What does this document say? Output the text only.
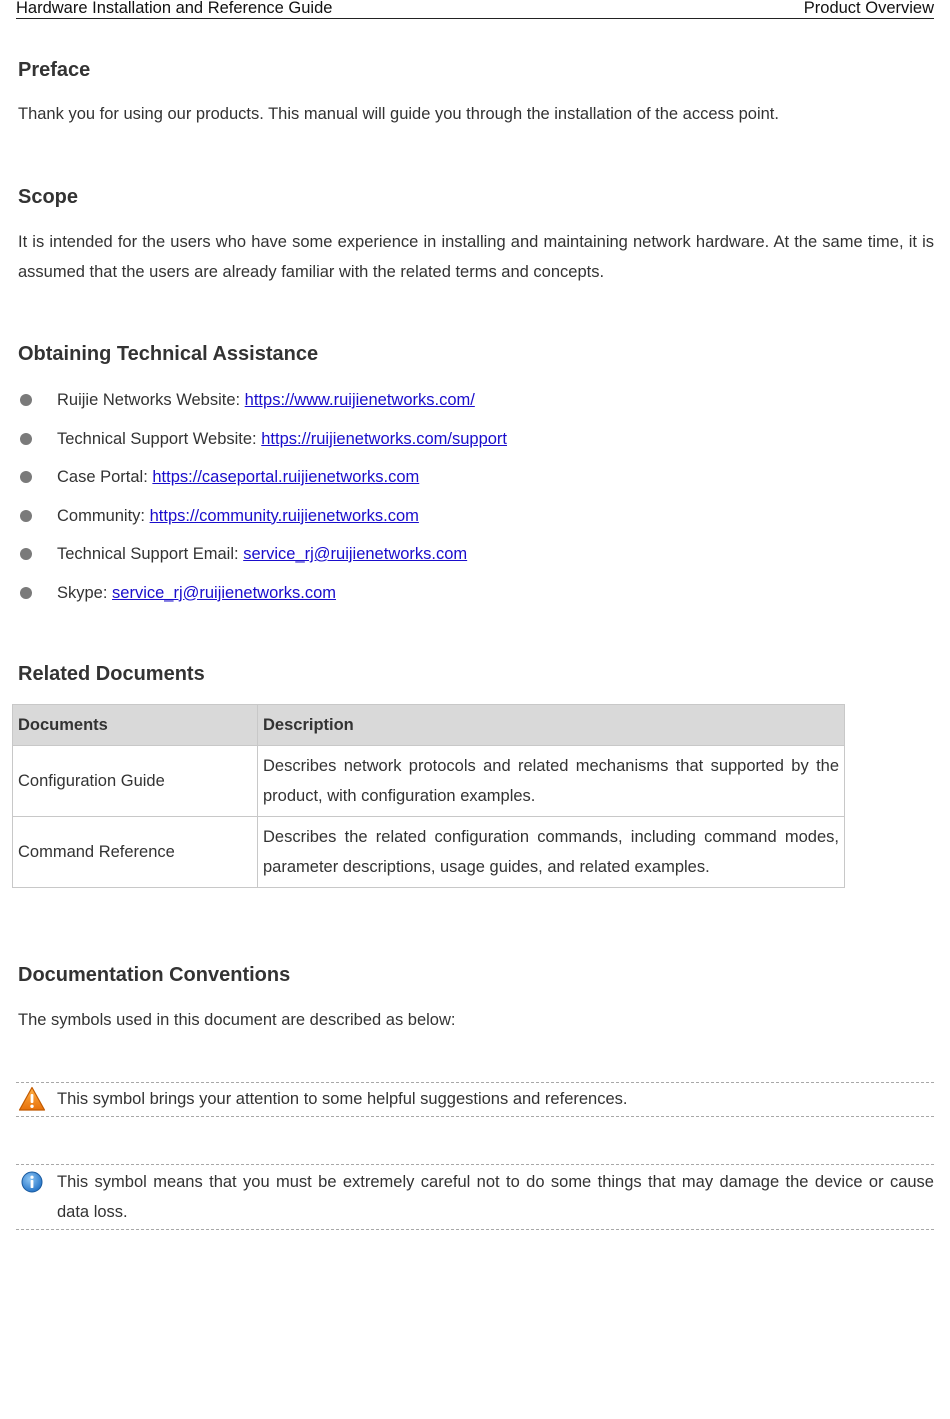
Hardware Installation and Reference Guide	Product Overview
Preface

Thank you for using our products. This manual will guide you through the installation of the access point.

Scope

It is intended for the users who have some experience in installing and maintaining network hardware. At the same time, it is assumed that the users are already familiar with the related terms and concepts.

Obtaining Technical Assistance
Ruijie Networks Website: https://www.ruijienetworks.com/
Technical Support Website: https://ruijienetworks.com/support
Case Portal: https://caseportal.ruijienetworks.com
Community: https://community.ruijienetworks.com
Technical Support Email: service_rj@ruijienetworks.com
Skype: service_rj@ruijienetworks.com
Related Documents
Documents	Description
Configuration Guide	Describes network protocols and related mechanisms that supported by the product, with configuration examples.
Command Reference	Describes the related configuration commands, including command modes, parameter descriptions, usage guides, and related examples.
Documentation Conventions

The symbols used in this document are described as below:

This symbol brings your attention to some helpful suggestions and references.
This symbol means that you must be extremely careful not to do some things that may damage the device or cause data loss.
